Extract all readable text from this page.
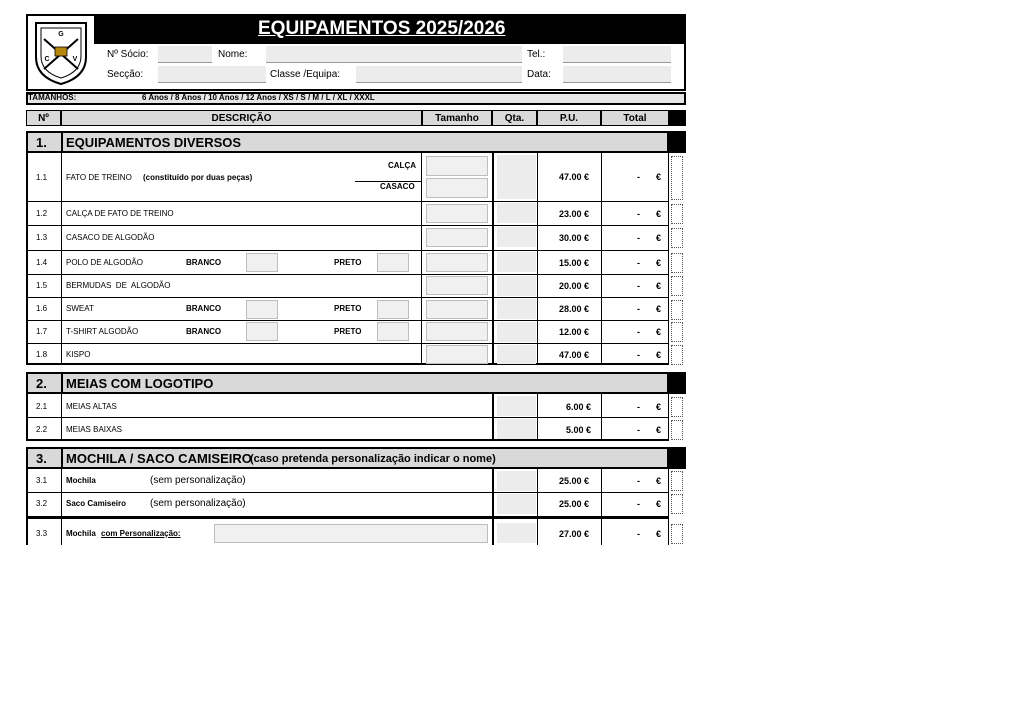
EQUIPAMENTOS 2025/2026
G
C	V	Nº Sócio:	Nome:	Tel.:
Secção:	Classe /Equipa:	Data:
TAMANHOS:	6 Anos / 8 Anos / 10 Anos / 12 Anos / XS / S / M / L / XL / XXXL
Nº	DESCRIÇÃO	Tamanho	Qta.	P.U.	Total
1. EQUIPAMENTOS DIVERSOS
1.1 FATO DE TREINO (constituído por duas peças)
CALÇA
CASACO
47.00 €	- €
1.2 CALÇA DE FATO DE TREINO	23.00 €	- €
1.3 CASACO DE ALGODÃO	30.00 €	- €
1.4 POLO DE ALGODÃO	BRANCO	PRETO	15.00 €	- €
1.5 BERMUDAS  DE  ALGODÃO	20.00 €	- €
1.6 SWEAT	BRANCO	PRETO	28.00 €	- €
1.7 T-SHIRT ALGODÃO	BRANCO	PRETO	12.00 €	- €
1.8 KISPO	47.00 €	- €
2. MEIAS COM LOGOTIPO
2.1 MEIAS ALTAS	6.00 €	- €
2.2 MEIAS BAIXAS	5.00 €	- €
3. MOCHILA / SACO CAMISEIRO
(caso pretenda personalização indicar o nome)
3.1 Mochila	(sem personalização)	25.00 €	- €
3.2 Saco Camiseiro (sem personalização)	25.00 €	- €
3.3 Mochila com Personalização:	27.00 €	- €
